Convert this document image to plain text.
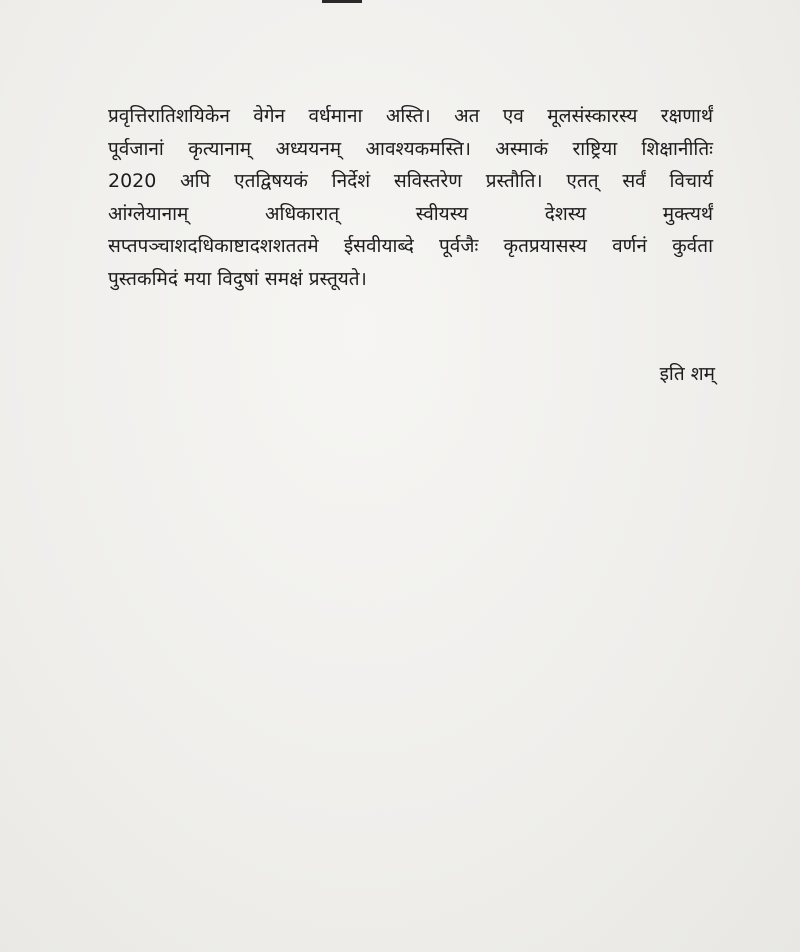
प्रवृत्तिरातिशयिकेन वेगेन वर्धमाना अस्ति। अत एव मूलसंस्कारस्य रक्षणार्थं
पूर्वजानां कृत्यानाम् अध्ययनम् आवश्यकमस्ति। अस्माकं राष्ट्रिया शिक्षानीतिः
2020 अपि एतद्विषयकं निर्देशं सविस्तरेण प्रस्तौति। एतत् सर्वं विचार्य
आंग्लेयानाम् अधिकारात् स्वीयस्य देशस्य मुक्त्यर्थं
सप्तपञ्चाशदधिकाष्टादशशततमे ईसवीयाब्दे पूर्वजैः कृतप्रयासस्य वर्णनं कुर्वता
पुस्तकमिदं मया विदुषां समक्षं प्रस्तूयते।

इति शम्
